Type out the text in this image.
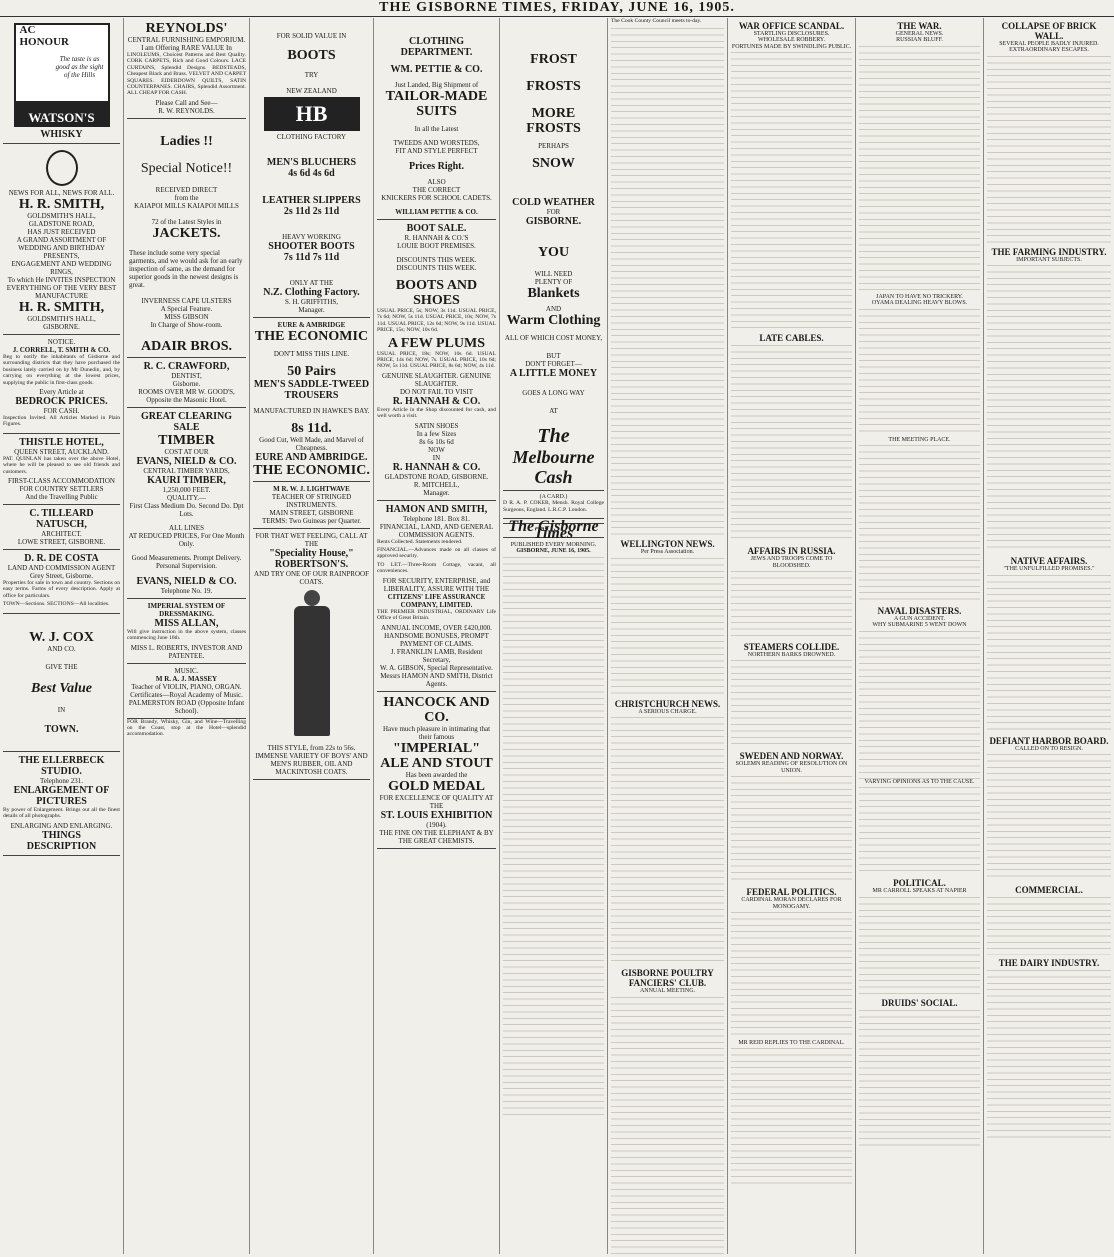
THE GISBORNE TIMES, FRIDAY, JUNE 16, 1905.
AC
HONOUR
The taste is as good as the sight of the Hills
WATSON'S
WHISKY
NEWS FOR ALL, NEWS FOR ALL.
H. R. SMITH,
GOLDSMITH'S HALL,
GLADSTONE ROAD,
HAS JUST RECEIVED
A GRAND ASSORTMENT OF
WEDDING AND BIRTHDAY PRESENTS,
ENGAGEMENT AND WEDDING RINGS,
To which He INVITES INSPECTION
EVERYTHING OF THE VERY BEST MANUFACTURE
H. R. SMITH,
GOLDSMITH'S HALL,
GISBORNE.
NOTICE.
J. CORRELL, T. SMITH & CO.

Beg to notify the inhabitants of Gisborne and surrounding districts that they have purchased the business lately carried on by Mr Dunedin, and, by carrying on everything at the lowest prices, supplying the public in first-class goods.

Every Article at
BEDROCK PRICES.
FOR CASH.

Inspection Invited. All Articles Marked in Plain Figures.

THISTLE HOTEL,
QUEEN STREET, AUCKLAND.

PAT. QUINLAN has taken over the above Hotel, where he will be pleased to see old friends and customers.

FIRST-CLASS ACCOMMODATION FOR COUNTRY SETTLERS
And the Travelling Public
C. TILLEARD NATUSCH,
ARCHITECT.
LOWE STREET, GISBORNE.
D. R. DE COSTA
LAND AND COMMISSION AGENT
Grey Street, Gisborne.

Properties for sale in town and country. Sections on easy terms. Farms of every description. Apply at office for particulars.

TOWN—Sections. SECTIONS—All localities.

W. J. COX
AND CO.
GIVE THE
Best Value
IN
TOWN.
THE ELLERBECK STUDIO.
Telephone 231.
ENLARGEMENT OF PICTURES

By power of Enlargement. Brings out all the finest details of all photographs.

ENLARGING AND ENLARGING.
THINGS
DESCRIPTION
REYNOLDS'
CENTRAL FURNISHING EMPORIUM.
I am Offering RARE VALUE In

LINOLEUMS, Choicest Patterns and Best Quality. CORK CARPETS, Rich and Good Colours. LACE CURTAINS, Splendid Designs. BEDSTEADS, Cheapest Black and Brass. VELVET AND CARPET SQUARES. EIDERDOWN QUILTS, SATIN COUNTERPANES. CHAIRS, Splendid Assortment. ALL CHEAP FOR CASH.

Please Call and See—
R. W. REYNOLDS.
Ladies !!
Special Notice!!
RECEIVED DIRECT
from the
KAIAPOI MILLS KAIAPOI MILLS
72 of the Latest Styles in
JACKETS.
These include some very special garments, and we would ask for an early inspection of same, as the demand for superior goods in the newest designs is great.
INVERNESS CAPE ULSTERS
A Special Feature.
MISS GIBSON
In Charge of Show-room.
ADAIR BROS.
R. C. CRAWFORD,
DENTIST,
Gisborne.
ROOMS OVER MR W. GOOD'S, Opposite the Masonic Hotel.
GREAT CLEARING SALE
TIMBER
COST AT OUR
EVANS, NIELD & CO.
CENTRAL TIMBER YARDS,
KAURI TIMBER,
1,250,000 FEET.
QUALITY.—
First Class Medium Do. Second Do. Dpt Lots.
ALL LINES
AT REDUCED PRICES, For One Month Only.
Good Measurements. Prompt Delivery. Personal Supervision.
EVANS, NIELD & CO.
Telephone No. 19.
IMPERIAL SYSTEM OF DRESSMAKING.
MISS ALLAN,

Will give instruction in the above system, classes commencing June 16th.

MISS L. ROBERTS, INVESTOR AND PATENTEE.
MUSIC.
M R. A. J. MASSEY
Teacher of VIOLIN, PIANO, ORGAN.
Certificates—Royal Academy of Music.
PALMERSTON ROAD (Opposite Infant School).

FOR Brandy, Whisky, Gin, and Wine—Travelling on the Coast, stop at the Hotel—splendid accommodation.

FOR SOLID VALUE IN
BOOTS
TRY
NEW ZEALAND
HB
CLOTHING FACTORY
MEN'S BLUCHERS
4s 6d 4s 6d
LEATHER SLIPPERS
2s 11d 2s 11d
HEAVY WORKING
SHOOTER BOOTS
7s 11d 7s 11d
ONLY AT THE
N.Z. Clothing Factory.
S. H. GRIFFITHS,
Manager.
EURE & AMBRIDGE
THE ECONOMIC
DON'T MISS THIS LINE.
50 Pairs
MEN'S SADDLE-TWEED TROUSERS
MANUFACTURED IN HAWKE'S BAY.
8s 11d.
Good Cut, Well Made, and Marvel of Cheapness.
EURE AND AMBRIDGE.
THE ECONOMIC.
M R. W. J. LIGHTWAVE
TEACHER OF STRINGED INSTRUMENTS.
MAIN STREET, GISBORNE
TERMS: Two Guineas per Quarter.
FOR THAT WET FEELING, CALL AT THE
"Speciality House,"
ROBERTSON'S.
AND TRY ONE OF OUR RAINPROOF COATS.
THIS STYLE, from 22s to 56s.
IMMENSE VARIETY OF BOYS' AND MEN'S RUBBER, OIL AND MACKINTOSH COATS.
CLOTHING DEPARTMENT.
WM. PETTIE & CO.
Just Landed, Big Shipment of
TAILOR-MADE
SUITS
In all the Latest
TWEEDS AND WORSTEDS,
FIT AND STYLE PERFECT
Prices Right.
ALSO
THE CORRECT
KNICKERS FOR SCHOOL CADETS.
WILLIAM PETTIE & CO.
BOOT SALE.
R. HANNAH & CO.'S
LOUIE BOOT PREMISES.
DISCOUNTS THIS WEEK. DISCOUNTS THIS WEEK.
BOOTS AND SHOES

USUAL PRICE, 5s; NOW, 3s 11d. USUAL PRICE, 7s 6d; NOW, 5s 11d. USUAL PRICE, 10s; NOW, 7s 11d. USUAL PRICE, 12s 6d; NOW, 9s 11d. USUAL PRICE, 15s; NOW, 10s 6d.

A FEW PLUMS

USUAL PRICE, 18s; NOW, 10s 6d. USUAL PRICE, 14s 6d; NOW, 7s. USUAL PRICE, 10s 6d; NOW, 5s 11d. USUAL PRICE, 8s 6d; NOW, 4s 11d.

GENUINE SLAUGHTER. GENUINE SLAUGHTER.
DO NOT FAIL TO VISIT
R. HANNAH & CO.

Every Article in the Shop discounted for cash, and well worth a visit.

SATIN SHOES
In a few Sizes
8s 6s 10s 6d
NOW
IN
R. HANNAH & CO.
GLADSTONE ROAD, GISBORNE.
R. MITCHELL,
Manager.
HAMON AND SMITH,
Telephone 181. Box 81.
FINANCIAL, LAND, AND GENERAL COMMISSION AGENTS.

Rents Collected. Statements rendered.

FINANCIAL.—Advances made on all classes of approved security.

TO LET.—Three-Room Cottage, vacant, all conveniences.

FOR SECURITY, ENTERPRISE, and LIBERALITY, ASSURE WITH THE
CITIZENS' LIFE ASSURANCE COMPANY, LIMITED.

THE PREMIER INDUSTRIAL, ORDINARY Life Office of Great Britain.

ANNUAL INCOME, OVER £420,000.
HANDSOME BONUSES, PROMPT PAYMENT OF CLAIMS.
J. FRANKLIN LAMB, Resident Secretary,
W. A. GIBSON, Special Representative.
Messrs HAMON AND SMITH, District Agents.
HANCOCK AND CO.
Have much pleasure in intimating that their famous
"IMPERIAL"
ALE AND STOUT
Has been awarded the
GOLD MEDAL
FOR EXCELLENCE OF QUALITY AT THE
ST. LOUIS EXHIBITION
(1904).
THE FINE ON THE ELEPHANT & BY THE GREAT CHEMISTS.
FROST
FROSTS
MORE FROSTS
PERHAPS
SNOW
COLD WEATHER
FOR
GISBORNE.
YOU
WILL NEED
PLENTY OF
Blankets
AND
Warm Clothing
ALL OF WHICH COST MONEY,
BUT
DON'T FORGET—
A LITTLE MONEY
GOES A LONG WAY
AT
The
Melbourne
Cash
(A CARD.)

D R. A. P. COKER, Mensh. Royal College Surgeons, England. L.R.C.P. London.

The Gisborne Times
PUBLISHED EVERY MORNING.
GISBORNE, JUNE 16, 1905.

The Cook County Council meets to-day.

WELLINGTON NEWS.
Per Press Association.
CHRISTCHURCH NEWS.
A SERIOUS CHARGE.
GISBORNE POULTRY FANCIERS' CLUB.
ANNUAL MEETING.
WAR OFFICE SCANDAL.
STARTLING DISCLOSURES.
WHOLESALE ROBBERY.
FORTUNES MADE BY SWINDLING PUBLIC.
LATE CABLES.
AFFAIRS IN RUSSIA.
JEWS AND TROOPS COME TO BLOODSHED.
STEAMERS COLLIDE.
NORTHERN BARKS DROWNED.
SWEDEN AND NORWAY.
SOLEMN READING OF RESOLUTION ON UNION.
FEDERAL POLITICS.
CARDINAL MORAN DECLARES FOR MONOGAMY.
MR REID REPLIES TO THE CARDINAL.
THE WAR.
GENERAL NEWS.
RUSSIAN BLUFF.
JAPAN TO HAVE NO TRICKERY.
OYAMA DEALING HEAVY BLOWS.
THE MEETING PLACE.
NAVAL DISASTERS.
A GUN ACCIDENT.
WHY SUBMARINE 5 WENT DOWN
VARYING OPINIONS AS TO THE CAUSE.
POLITICAL.
MR CARROLL SPEAKS AT NAPIER
DRUIDS' SOCIAL.
COLLAPSE OF BRICK WALL.
SEVERAL PEOPLE BADLY INJURED.
EXTRAORDINARY ESCAPES.
THE FARMING INDUSTRY.
IMPORTANT SUBJECTS.
NATIVE AFFAIRS.
"THE UNFULFILLED PROMISES."
DEFIANT HARBOR BOARD.
CALLED ON TO RESIGN.
COMMERCIAL.
THE DAIRY INDUSTRY.
